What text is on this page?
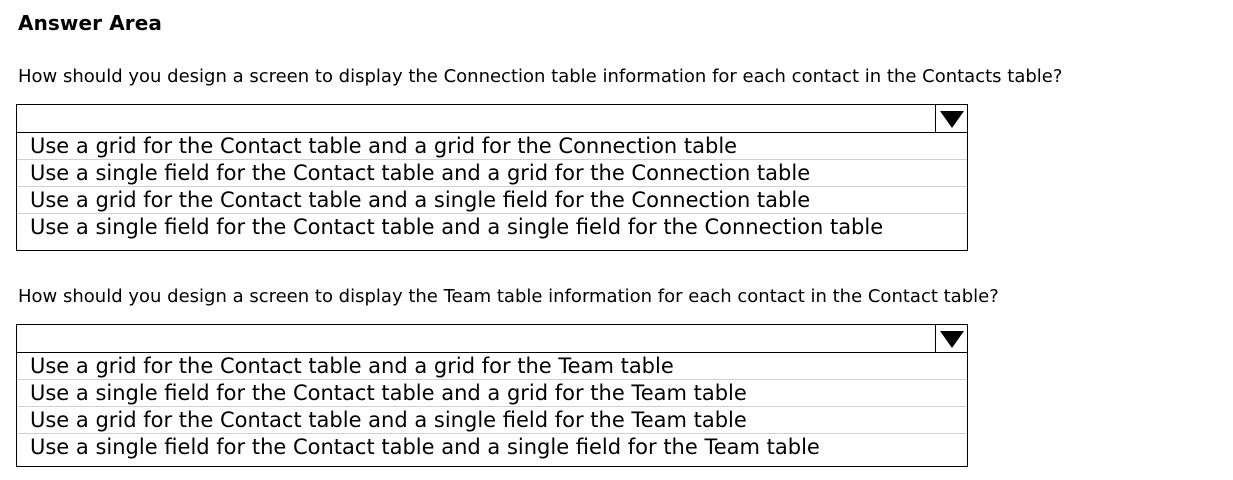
Answer Area
How should you design a screen to display the Connection table information for each contact in the Contacts table?
Use a grid for the Contact table and a grid for the Connection table
Use a single field for the Contact table and a grid for the Connection table
Use a grid for the Contact table and a single field for the Connection table
Use a single field for the Contact table and a single field for the Connection table
How should you design a screen to display the Team table information for each contact in the Contact table?
Use a grid for the Contact table and a grid for the Team table
Use a single field for the Contact table and a grid for the Team table
Use a grid for the Contact table and a single field for the Team table
Use a single field for the Contact table and a single field for the Team table
